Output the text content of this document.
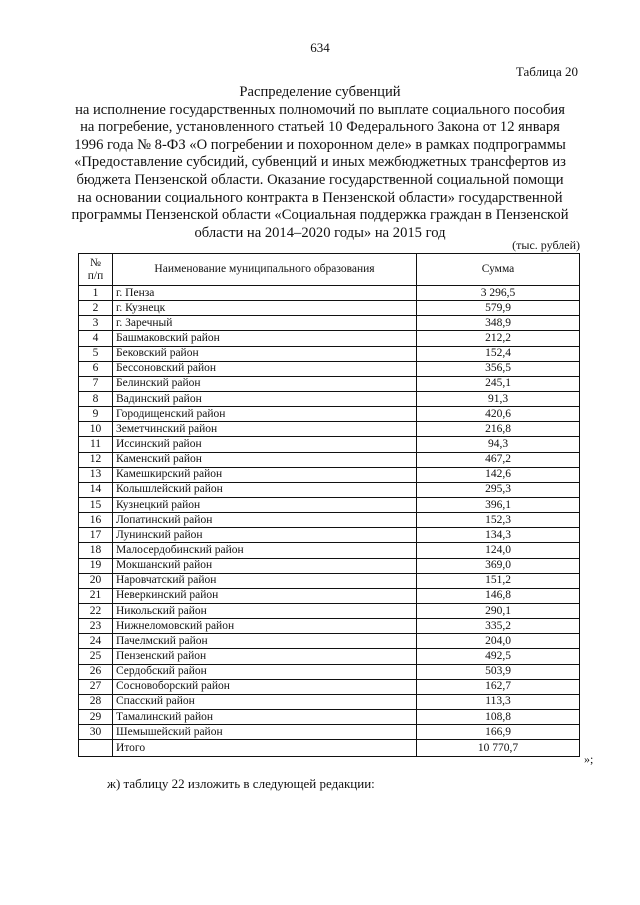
634
Таблица 20
Распределение субвенций
на исполнение государственных полномочий по выплате социального пособия
на погребение, установленного статьей 10 Федерального Закона от 12 января
1996 года № 8-ФЗ «О погребении и похоронном деле» в рамках подпрограммы
«Предоставление субсидий, субвенций и иных межбюджетных трансфертов из
бюджета Пензенской области. Оказание государственной социальной помощи
на основании социального контракта в Пензенской области» государственной
программы Пензенской области «Социальная поддержка граждан в Пензенской
области на 2014–2020 годы» на 2015 год
(тыс. рублей)
№
п/п	Наименование муниципального образования	Сумма
1	г. Пенза	3 296,5
2	г. Кузнецк	579,9
3	г. Заречный	348,9
4	Башмаковский район	212,2
5	Бековский район	152,4
6	Бессоновский район	356,5
7	Белинский район	245,1
8	Вадинский район	91,3
9	Городищенский район	420,6
10	Земетчинский район	216,8
11	Иссинский район	94,3
12	Каменский район	467,2
13	Камешкирский район	142,6
14	Колышлейский район	295,3
15	Кузнецкий район	396,1
16	Лопатинский район	152,3
17	Лунинский район	134,3
18	Малосердобинский район	124,0
19	Мокшанский район	369,0
20	Наровчатский район	151,2
21	Неверкинский район	146,8
22	Никольский район	290,1
23	Нижнеломовский район	335,2
24	Пачелмский район	204,0
25	Пензенский район	492,5
26	Сердобский район	503,9
27	Сосновоборский район	162,7
28	Спасский район	113,3
29	Тамалинский район	108,8
30	Шемышейский район	166,9
	Итого	10 770,7
»;
ж) таблицу 22 изложить в следующей редакции:
